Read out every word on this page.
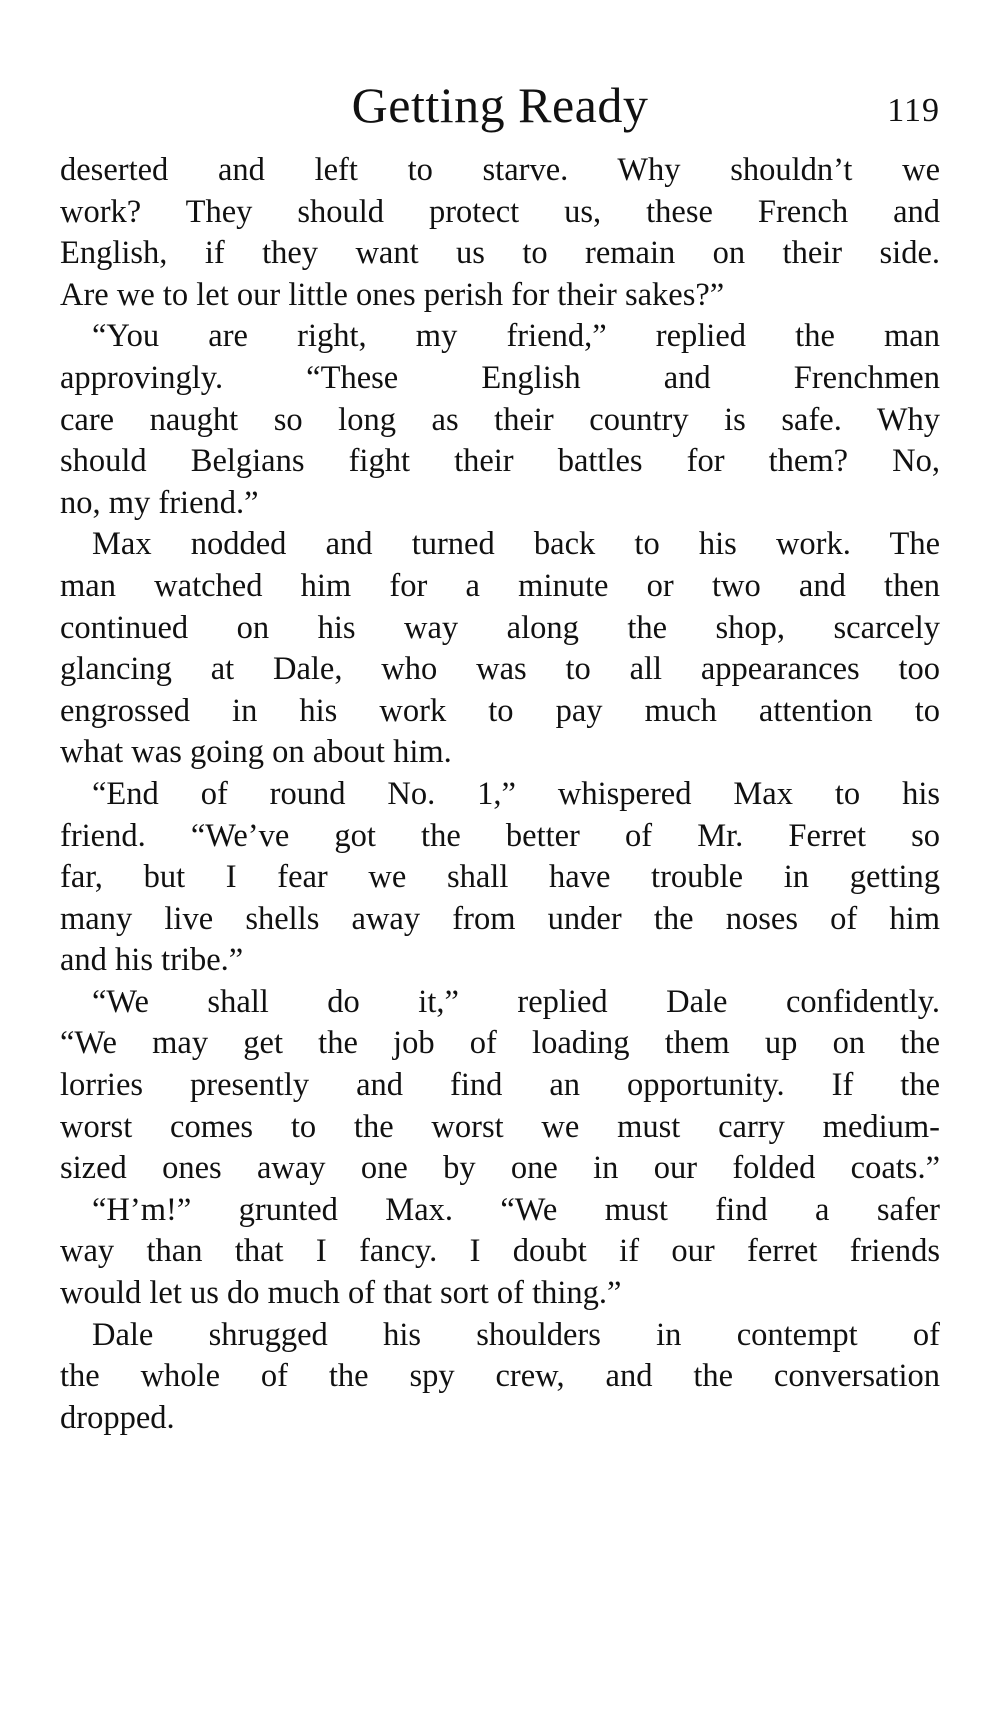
Getting Ready	119
deserted and left to starve. Why shouldn’t we
work? They should protect us, these French and
English, if they want us to remain on their side.
Are we to let our little ones perish for their sakes?”
“You are right, my friend,” replied the man
approvingly. “These English and Frenchmen
care naught so long as their country is safe. Why
should Belgians fight their battles for them? No,
no, my friend.”
Max nodded and turned back to his work. The
man watched him for a minute or two and then
continued on his way along the shop, scarcely
glancing at Dale, who was to all appearances too
engrossed in his work to pay much attention to
what was going on about him.
“End of round No. 1,” whispered Max to his
friend. “We’ve got the better of Mr. Ferret so
far, but I fear we shall have trouble in getting
many live shells away from under the noses of him
and his tribe.”
“We shall do it,” replied Dale confidently.
“We may get the job of loading them up on the
lorries presently and find an opportunity. If the
worst comes to the worst we must carry medium-
sized ones away one by one in our folded coats.”
“H’m!” grunted Max. “We must find a safer
way than that I fancy. I doubt if our ferret friends
would let us do much of that sort of thing.”
Dale shrugged his shoulders in contempt of
the whole of the spy crew, and the conversation
dropped.
